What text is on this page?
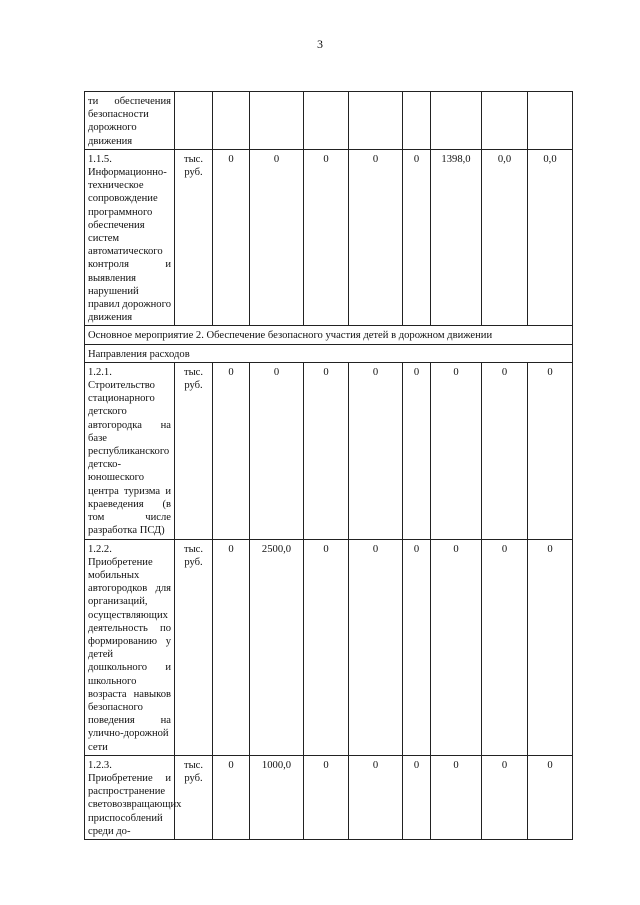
3
ти обеспечения безопасности дорожного движения									
1.1.5. Информационно-техническое сопровождение программного обеспечения систем автоматического контроля и выявления нарушений правил дорожного движения	тыс. руб.	0	0	0	0	0	1398,0	0,0	0,0
Основное мероприятие 2. Обеспечение безопасного участия детей в дорожном движении									
Направления расходов									
1.2.1. Строительство стационарного детского автогородка на базе республиканского детско-юношеского центра туризма и краеведения (в том числе разработка ПСД)	тыс. руб.	0	0	0	0	0	0	0	0
1.2.2. Приобретение мобильных автогородков для организаций, осуществляющих деятельность по формированию у детей дошкольного и школьного возраста навыков безопасного поведения на улично-дорожной сети	тыс. руб.	0	2500,0	0	0	0	0	0	0
1.2.3. Приобретение и распространение световозвращающих приспособлений среди до-	тыс. руб.	0	1000,0	0	0	0	0	0	0
